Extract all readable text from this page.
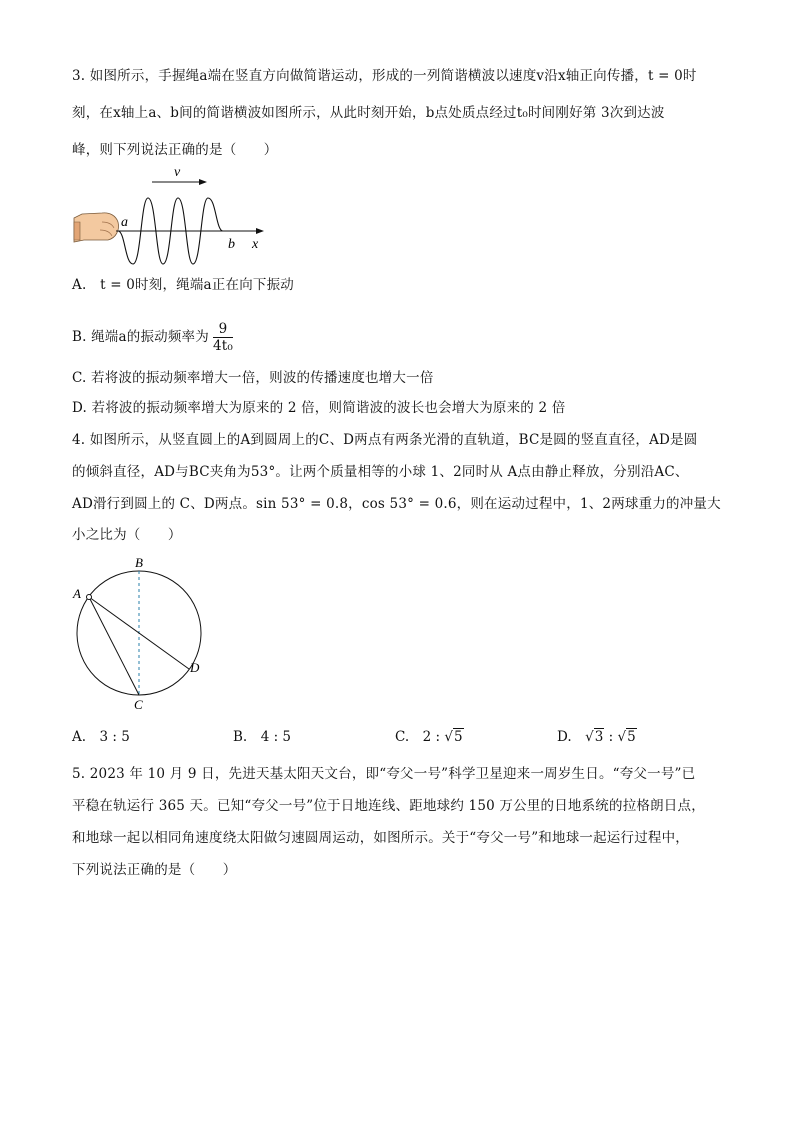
3. 如图所示，手握绳a端在竖直方向做简谐运动，形成的一列简谐横波以速度v沿x轴正向传播，t = 0时
刻，在x轴上a、b间的简谐横波如图所示，从此时刻开始，b点处质点经过t₀时间刚好第 3次到达波
峰，则下列说法正确的是（　　）
v
a
b x
A.　t = 0时刻，绳端a正在向下振动
B. 绳端a的振动频率为 $\frac{9}{\text{4t₀}}$
C. 若将波的振动频率增大一倍，则波的传播速度也增大一倍
D. 若将波的振动频率增大为原来的 2 倍，则简谐波的波长也会增大为原来的 2 倍
4. 如图所示，从竖直圆上的A到圆周上的C、D两点有两条光滑的直轨道，BC是圆的竖直直径，AD是圆
的倾斜直径，AD与BC夹角为53°。让两个质量相等的小球 1、2同时从 A点由静止释放，分别沿AC、
AD滑行到圆上的 C、D两点。sin 53° = 0.8，cos 53° = 0.6，则在运动过程中，1、2两球重力的冲量大
小之比为（　　）
A
B
C
D
A.　3 : 5	B.　4 : 5	C.　2 : √5	D.　√3 : √5
5. 2023 年 10 月 9 日，先进天基太阳天文台，即“夸父一号”科学卫星迎来一周岁生日。“夸父一号”已
平稳在轨运行 365 天。已知“夸父一号”位于日地连线、距地球约 150 万公里的日地系统的拉格朗日点，
和地球一起以相同角速度绕太阳做匀速圆周运动，如图所示。关于“夸父一号”和地球一起运行过程中，
下列说法正确的是（　　）
